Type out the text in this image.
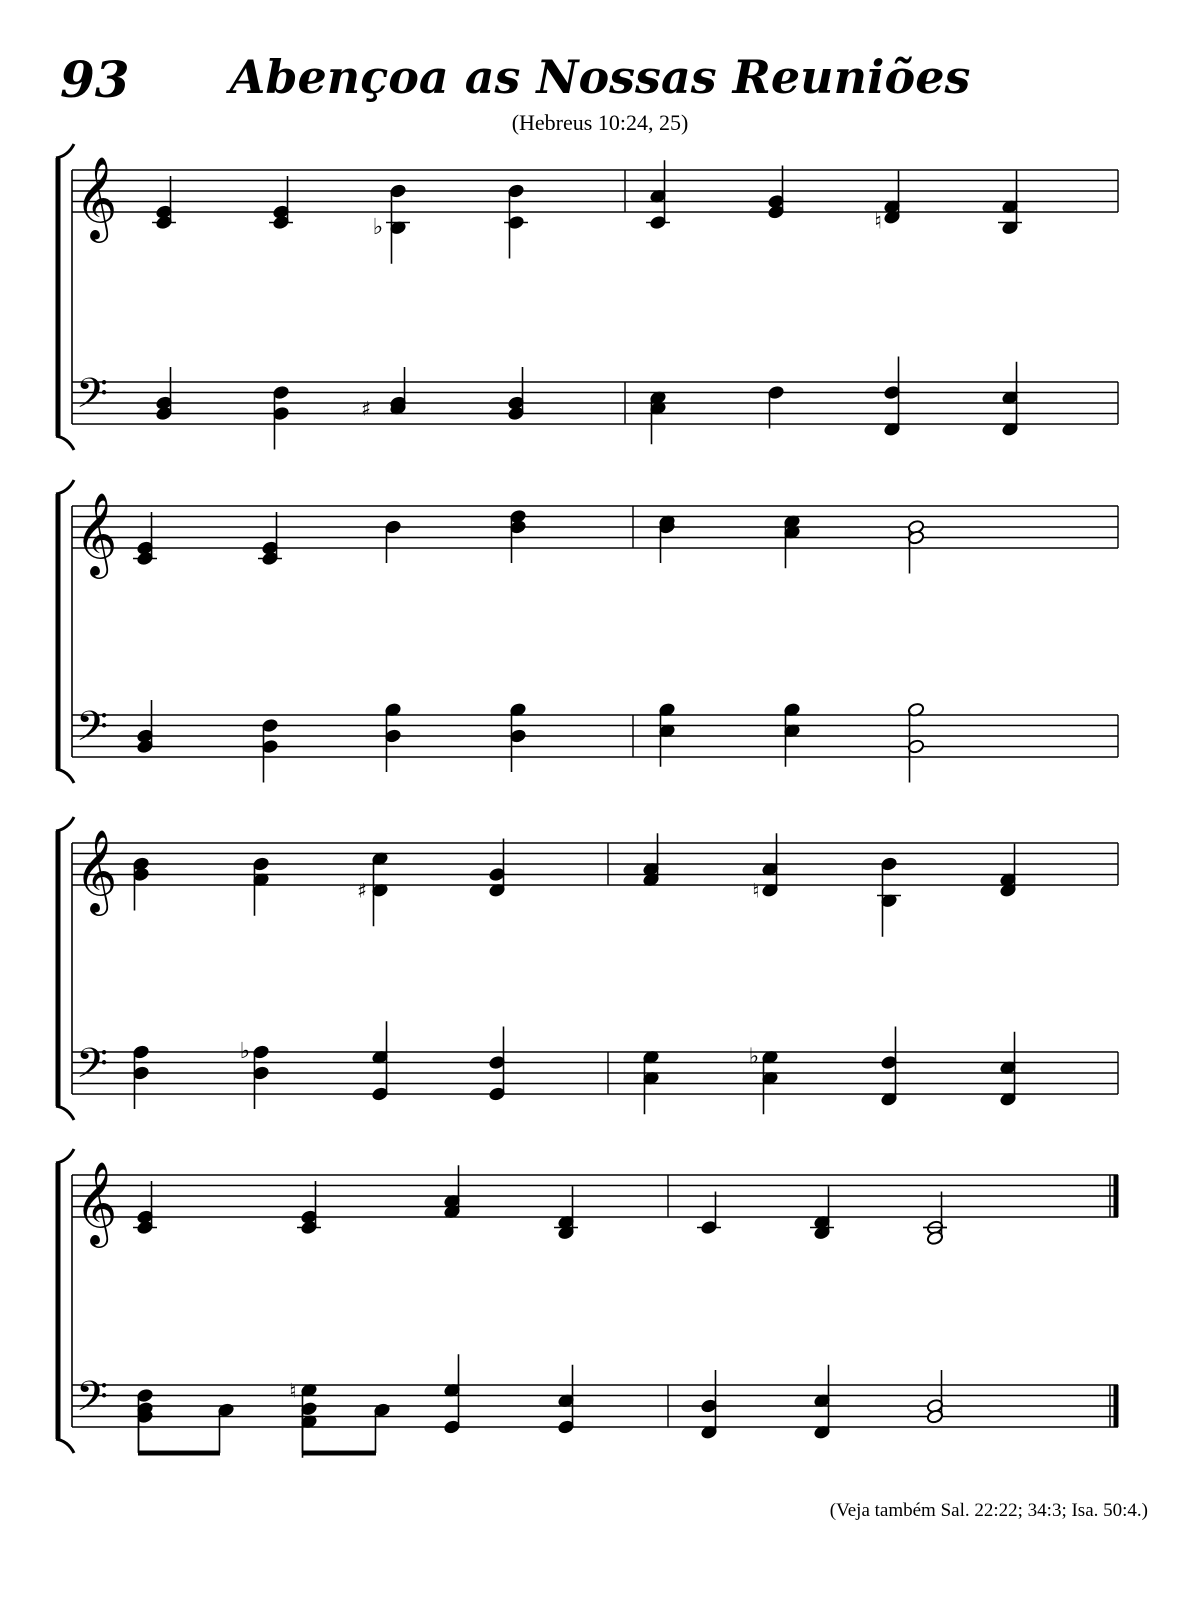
93	Abençoa as Nossas Reuniões
(Hebreus 10:24, 25)
𝄞
𝄢
𝄞
𝄢
𝄞
𝄢
𝄞
𝄢
♭	♮
♯
♯	♮
♭	♭
♮
(Veja também Sal. 22:22; 34:3; Isa. 50:4.)
